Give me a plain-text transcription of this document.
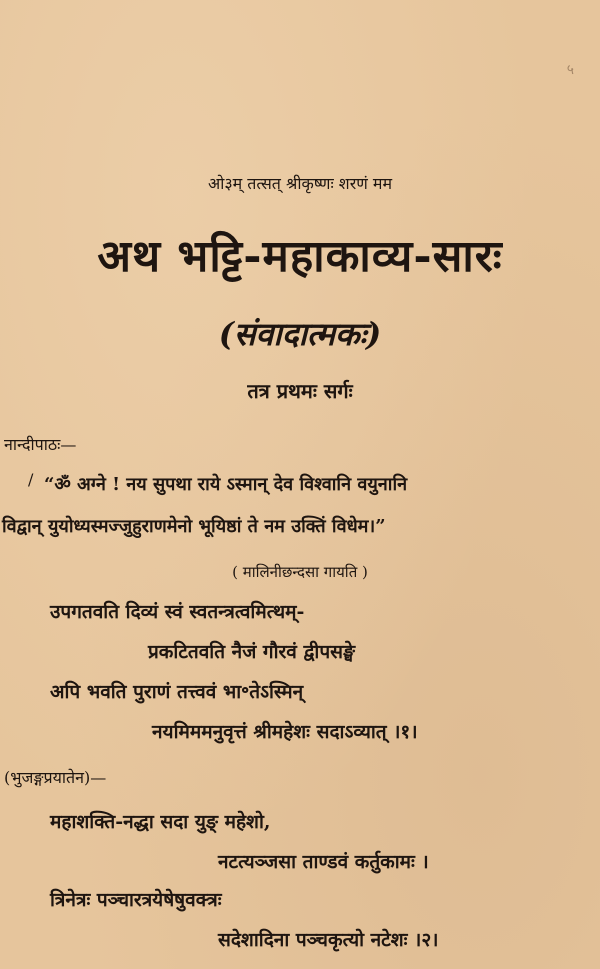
५
ओ३म् तत्सत् श्रीकृष्णः शरणं मम
अथ भट्टि-महाकाव्य-सारः
(संवादात्मकः)
तत्र प्रथमः सर्गः
नान्दीपाठः—
/ “ॐ अग्ने ! नय सुपथा राये ऽस्मान् देव विश्वानि वयुनानि
विद्वान् युयोध्यस्मज्जुहुराणमेनो भूयिष्ठां ते नम उक्तिं विधेम।”
( मालिनीछन्दसा गायति )
उपगतवति दिव्यं स्वं स्वतन्त्रत्वमित्थम्-
प्रकटितवति नैजं गौरवं द्वीपसङ्घे
अपि भवति पुराणं तत्त्ववं भा॰तेऽस्मिन्
नयमिममनुवृत्तं श्रीमहेशः सदाऽव्यात् ।१।
(भुजङ्गप्रयातेन)—
महाशक्ति-नद्धा सदा युङ् महेशो,
नटत्यञ्जसा ताण्डवं कर्तुकामः ।
त्रिनेत्रः पञ्चारत्रयेषेषुवक्त्रः
सदेशादिना पञ्चकृत्यो नटेशः ।२।
